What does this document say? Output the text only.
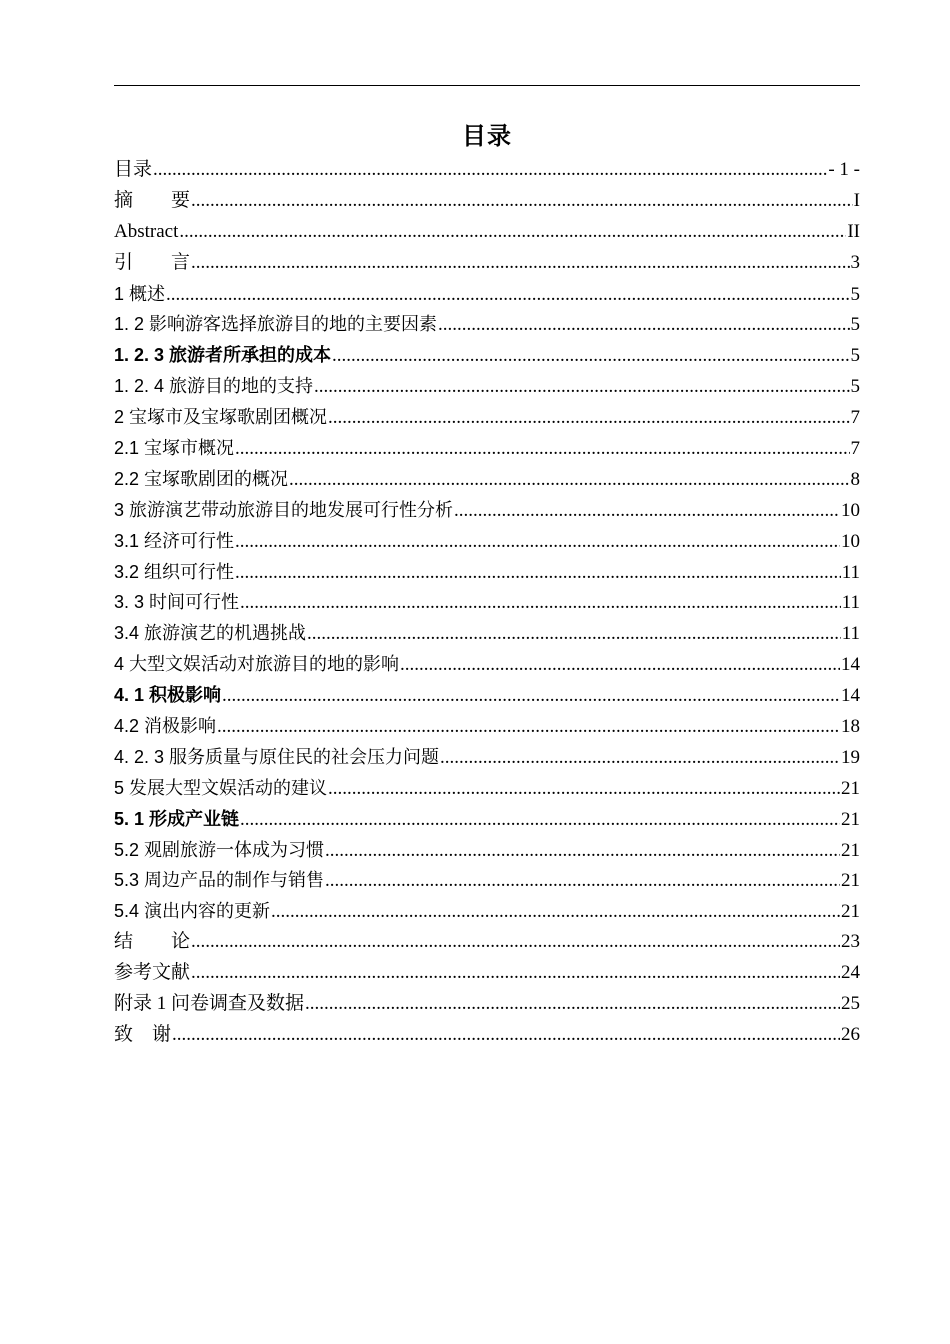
目录
目录 .....	- 1 -
摘　　要 .....	I
Abstract .....	II
引　　言 .....	3
1 概述 .....	5
1. 2 影响游客选择旅游目的地的主要因素 .....	5
1. 2. 3 旅游者所承担的成本 .....	5
1. 2. 4 旅游目的地的支持 .....	5
2 宝塚市及宝塚歌剧团概况 .....	7
2.1 宝塚市概况 .....	7
2.2 宝塚歌剧团的概况 .....	8
3 旅游演艺带动旅游目的地发展可行性分析 .....	10
3.1 经济可行性 .....	10
3.2 组织可行性 .....	11
3. 3 时间可行性 .....	11
3.4 旅游演艺的机遇挑战 .....	11
4 大型文娱活动对旅游目的地的影响 .....	14
4. 1 积极影响 .....	14
4.2 消极影响 .....	18
4. 2. 3 服务质量与原住民的社会压力问题 .....	19
5 发展大型文娱活动的建议 .....	21
5. 1 形成产业链 .....	21
5.2 观剧旅游一体成为习惯 .....	21
5.3 周边产品的制作与销售 .....	21
5.4 演出内容的更新 .....	21
结　　论 .....	23
参考文献 .....	24
附录 1 问卷调查及数据 .....	25
致　谢 .....	26
